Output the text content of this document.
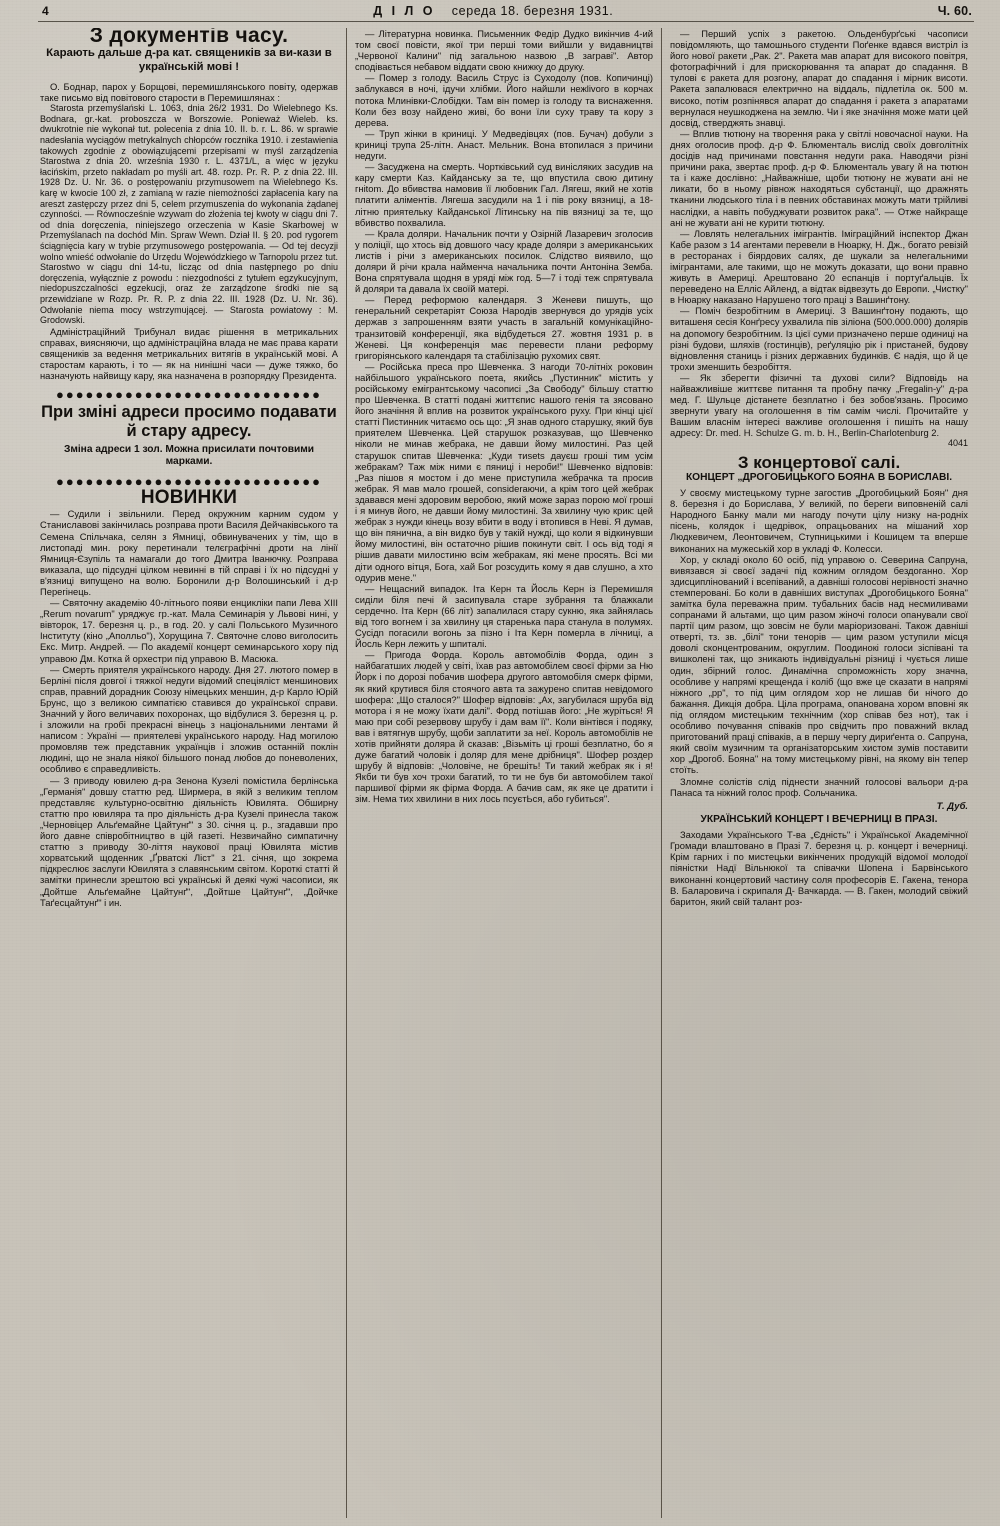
4	Д І Л О середа 18. березня 1931.	Ч. 60.
З документів часу.
Карають дальше д-ра кат. священиків за ви-кази в українській мові !

О. Боднар, парох у Борщові, перемишлянського повіту, одержав таке письмо від повітового старости в Перемишлянах :

Starosta przemyślański L. 1063, dnia 26/2 1931. Do Wielebnego Ks. Bodnara, gr.-kat. proboszcza w Borszowie. Ponieważ Wieleb. ks. dwukrotnie nie wykonał tut. polecenia z dnia 10. II. b. r. L. 86. w sprawie nadesłania wyciągów metrykalnych chłopców rocznika 1910. i zestawienia takowych zgodnie z obowiązującemi przepisami w myśl zarządzenia Starostwa z dnia 20. września 1930 r. L. 4371/L, a więc w języku łacińskim, przeto nakładam po myśli art. 48. rozp. Pr. R. P. z dnia 22. III. 1928 Dz. U. Nr. 36. o postępowaniu przymusowem na Wielebnego Ks. karę w kwocie 100 zł, z zamianą w razie niemożności zapłacenia kary na areszt zastępczy przez dni 5, celem przymuszenia do wykonania żądanej czynności. — Równocześnie wzywam do złożenia tej kwoty w ciągu dni 7. od dnia doręczenia, niniejszego orzeczenia w Kasie Skarbowej w Przemyślanach na dochód Min. Spraw Wewn. Dział II. § 20. pod rygorem ściągnięcia kary w trybie przymusowego postępowania. — Od tej decyzji wolno wnieść odwołanie do Urzędu Wojewódzkiego w Tarnopolu przez tut. Starostwo w ciągu dni 14-tu, licząc od dnia następnego po dniu doręczenia, wyłącznie z powodu : niezgodności z tytułem egzykucyjnym, niedopuszczalności egzekucji, oraz że zarządzone środki nie są przewidziane w Rozp. Pr. R. P. z dnia 22. III. 1928 (Dz. U. Nr. 36). Odwołanie niema mocy wstrzymującej. — Starosta powiatowy : M. Grodowski.

Адміністраційний Трибунал видає рішення в метрикальних справах, виясняючи, що адміністраційна влада не має права карати священиків за ведення метрикальних витягів в українській мові. А старостам карають, і то — як на нинішні часи — дуже тяжко, бо назначують найвищу кару, яка назначена в розпорядку Президента.

●●●●●●●●●●●●●●●●●●●●●●●●●●●
При зміні адреси просимо подавати й стару адресу.
Зміна адреси 1 зол. Можна присилати почтовими марками.
●●●●●●●●●●●●●●●●●●●●●●●●●●●
НОВИНКИ

— Судили і звільнили. Перед окружним карним судом у Станиславові закінчилась розправа проти Василя Дейчаківського та Семена Спільчака, селян з Ямниці, обвинувачених у тім, що в листопаді мин. року перетинали телєграфічні дроти на лінії Ямниця-Єзупіль та намагали до того Дмитра Іванючку. Розправа виказала, що підсудні цілком невинні в тій справі і їх но підсудні у в'язниці випущено на волю. Боронили д-р Волошинський і д-р Перегінець.

— Святочну академію 40-літнього появи енцикліки папи Лева XIII „Rerum novarum" уряджує гр.-кат. Мала Семинарія у Львові нині, у вівторок, 17. березня ц. р., в год. 20. у салі Польського Музичного Інституту (кіно „Аполльо"), Хорущина 7. Святочне слово виголосить Екс. Митр. Андрей. — По академії концерт семинарського хору під управою Дм. Котка й орхестри під управою В. Масюка.

— Смерть приятеля українського народу. Дня 27. лютого помер в Берліні після довгої і тяжкої недуги відомий спеціяліст меншинових справ, правний дорадник Союзу німецьких меншин, д-р Карло Юрій Брунс, що з великою симпатією ставився до української справи. Значний у його величавих похоронах, що відбулися 3. березня ц. р. і зложили на гробі прекрасні вінець з національними лентами й написом : Україні — приятелеві українського народу. Над могилою промовляв теж представник українців і зложив останній поклін людині, що не знала ніякої більшого понад любов до поневолених, особливо є справедливість.

— З приводу ювилею д-ра Зенона Кузелі помістила берлінська „Германія" довшу статтю ред. Ширмера, в якій з великим теплом представляє культурно-освітню діяльність Ювилята. Обширну статтю про ювиляра та про діяльність д-ра Кузелі принесла також „Черновіцер Альґемайне Цайтунґ" з 30. січня ц. р., згадавши про його давне співробітництво в цій газеті. Незвичайно симпатичну статтю з приводу 30-ліття наукової праці Ювилята містив хорватський щоденник „Ґрватскі Ліст" з 21. січня, що зокрема підкреслює заслуги Ювилята з славянським світом. Короткі статті й замітки принесли зрештою всі українські й деякі чужі часописи, як „Дойтше Альґемайне Цайтунґ", „Дойтше Цайтунґ", „Дойчке Таґесцайтунґ" і ин.

— Літературна новинка. Письменник Федір Дудко викінчив 4-ий том своєї повісти, якої три перші томи вийшли у видавництві „Червоної Калини" під загальною назвою „В заграві". Автор сподівається небавом віддати свою книжку до друку.

— Помер з голоду. Василь Струс із Суходолу (пов. Копичинці) заблукався в ночі, ідучи хлібми. Його найшли нежlivого в корчах потока Млинівки-Слобідки. Там він помер із голоду та виснаження. Коли без возу найдено живі, бо вони їли суху траву та кору з дерева.

— Труп жінки в криниці. У Медведівцях (пов. Бучач) добули з криниці трупа 25-літн. Анаст. Мельник. Вона втопилася з причини недуги.

— Засуджена на смерть. Чортківський суд винісляких засудив на кару смерти Каз. Кайданську за те, що впустила свою дитину гніtom. До вбивства намовив її любовник Гал. Лягеш, який не хотів платити аліментів. Лягеша засудили на 1 і пів року вязниці, а 18-літню приятельку Кайданської Літинську на пів вязниці за те, що вбивство похвалила.

— Крала доляри. Начальник почти у Озірній Лазаревич зголосив у поліції, що хтось від довшого часу краде доляри з американських листів і річи з американських посилок. Слідство виявило, що доляри й річи крала найменча начальника почти Антоніна Земба. Вона спрятувала щодня в уряді між год. 5—7 і тоді теж спрятувала й доляри та давала їх своїй матері.

— Перед реформою календаря. З Женеви пишуть, що генеральний секретаріят Союза Народів звернувся до урядів усіх держав з запрошенням взяти участь в загальній комунікаційно-транзитовій конференції, яка відбудеться 27. жовтня 1931 р. в Женеві. Ця конференція має перевести плани реформу григоріянського календаря та стабілізацію рухомих свят.

— Російська преса про Шевченка. З нагоди 70-літніх роковин найбільшого українського поета, якийсь „Пустинник" містить у російському емігрантському часописі „За Свободу" більшу статтю про Шевченка. В статті подані життєпис нашого генія та зясовано його значіння й вплив на розвиток українського руху. При кінці цієї статті Пистинник читаємо ось що: „Я знав одного старушку, який був приятелем Шевченка. Цей старушок розказував, що Шевченко ніколи не минав жебрака, не давши йому милостині. Раз цей старушок спитав Шевченка: „Куди тиsets дауєш гроші тим усім жебракам? Таж між ними є пяниці і нероби!" Шевченко відповів: „Раз пішов я мостом і до мене приступила жебрачка та просив жебрак. Я мав мало грошей, considerаючи, а крім того цей жебрак здавався мені здоровим веробою, який може зараз порою мої гроші і я минув його, не давши йому милостині. За хвилину чую крик: цей жебрак з нужди кінець вoзу вбити в воду і втопився в Неві. Я думав, що він пянична, а він видко був у такій нужді, що коли я відкинувши йому милостині, він остаточно рішив покинути світ. І ось від тоді я рішив давати милостиню всім жебракам, які мене просять. Всі ми діти одного вітця, Бога, хай Бог розсудить кому я дав слушно, а хто одурив мене."

— Нещасний випадок. Іта Керн та Йосль Керн із Перемишля сиділи біля печі й засипувала старе зубрання та блажкали сердечно. Іта Керн (66 літ) запалилася стару сукню, яка зайнялась від того вогнем і за хвилину ця старенька пара станула в полумях. Сусідn погасили вогонь за пізно і Іта Керн померла в лічниці, а Йосль Керн лежить у шпиталі.

— Пригода Форда. Король автомобілів Форда, один з найбагатших людей у світі, їхав раз автомобілем своєї фірми за Ню Йорк і по дорозі побачив шофера другого автомобіля смерк фірми, як який крутився біля стоячого авта та зажурено спитав невідомого шофера: „Що сталося?" Шофер відповів: „Ах, загубилася шруба від мотора і я не можу їхати далі". Форд потішав його: „Не журіться! Я маю при собі резервову шрубу і дам вам її". Коли вінтівся і подяку, вав і вятягнув шрубу, щоби заплатити за неї. Король автомобілів не хотів прийняти доляра й сказав: „Візьміть ці гроші безплатно, бо я дуже багатий чоловік і доляр для мене дрібниця". Шофер роздер шрубу й відповів: „Чоловіче, не брешіть! Ти такий жебрак як і я! Якби ти був хоч трохи багатий, то ти не був би автомобілем такої паршивої фірми як фірма Форда. А бачив сам, як яке це дратити і зім. Нема тих хвилини в них лось псуєтЬся, або губиться".

— Перший успіх з ракетою. Ольденбурґські часописи повідомляють, що тамошнього студенти Поґенке вдався вистріл із його нової ракети „Рак. 2". Ракета мав апарат для високого повітря, фотографічний і для прискорювання та апарат до спадання. В тулові є ракета для розгону, апарат до спадання і мірник висоти. Ракета запалювася електрично на віддаль, підлетіла ок. 500 м. високо, потім розпінявся апарат до спадання і ракета з апаратами вернулася неушкоджена на землю. Чи і яке значіння може мати цей досвід, стверджять знавці.

— Вплив тютюну на творення рака у світлі новочасної науки. На днях оголосив проф. д-р Ф. Блюменталь вислід своїх довголітніх досідів над причинами повстання недуги рака. Наводячи різні причини рака, звертає проф. д-р Ф. Блюменталь увагу й на тютюн та і каже дослівно: „Найважніше, щоби тютюну не жувати ані не ликати, бо в ньому рівнож находяться субстанції, що дражнять тканини людського тіла і в певних обставинах можуть мати трійливі наслідки, а навіть побуджувати розвиток рака". — Отже найкраще ані не жувати ані не курити тютюну.

— Ловлять нелегальних імігрантів. Іміграційний інспектор Джан Кабе разом з 14 агентами перевели в Нюарку, Н. Дж., богато ревізій в ресторанах і біярдових саляx, де шукали за нелегальними імігрантами, але такими, що не можуть доказати, що вони правно живуть в Америці. Арештовано 20 еспанців і портуґальців. Їх переведено на Елліс Айленд, а відтак відвезуть до Европи. „Чистку" в Нюарку наказано Нарушено того праці з Вашинґтону.

— Поміч безробітним в Америці. З Вашинґтону подають, що виташеня сесія Конґресу ухвалила пів зіліона (500.000.000) долярів на допомогу безробітним. Із цієї суми призначено перше одиниці на різні будови, шляхів (гостинців), реґуляцію рік і пристаней, будову відновлення станиць і різних державних будинків. Є надія, що й це трохи зменшить безробіття.

— Як зберегти фізичні та духові сили? Відповідь на найважливіше життєве питання та пробну пачку „Fregalin-y" д-ра мед. Г. Шульце дістанете безплатно і без зобов'язань. Просимо звернути увагу на оголошення в тім самім числі. Прочитайте у Вашим власнім інтересі важливе оголошення і пишіть на нашу адресу: Dr. med. H. Schulze G. m. b. H., Berlin-Charlotenburg 2.

4041

З концертової салі.
КОНЦЕРТ „ДРОГОБИЦЬКОГО БОЯНА В БОРИСЛАВІ.

У своєму мистецькому турне загостив „Дрогобицький Боян" дня 8. березня і до Борислава, У великій, по береги виповненій салі Народного Банку мали ми нагоду почути цілу низку на-родніх пісень, колядок і щедрівок, опрацьованих на мішаний хор Людкевичем, Леонтовичем, Ступницькими і Кошицем та вперше виконаних на мужеській хор в укладі Ф. Колесси.

Хор, у складі около 60 осіб, під управою о. Северина Сапруна, вивязався зі своєї задачі під кожним оглядом бездоганно. Хор здисциплінований і всепіваний, а давніші голосові нерівності значно стемперовані. Бо коли в давніших виступах „Дрогобицького Бояна" замітка була переважна прим. тубальних басів над несмиливами сопранами й альтами, що цим разом жіночі голоси опанували свої партії цим разом, що зовсім не були маріоризовані. Також давніші отверті, тз. зв. „білі" тони тенорів — цим разом уступили місця доволі сконцентрованим, округлим. Поодинокі голоси зіспівані та вишколені так, що зникають індивідуальні різниці і чується лише один, збірний голос. Динамічна спроможність хору значна, особливе у напрямі крещенда і коліб (що вже це сказати в напрямі ніжного „pp", то під цим оглядом хор не лишав би нічого до бажання. Дикція добра. Ціла програма, опанована хором вповні як під оглядом мистецьким технічним (хор співав без нот), так і особливо почування співаків про свідчить про поважний вклад приготований праці співаків, а в першу чергу дириґента о. Сапруна, який своїм музичним та організаторським хистом зумів поставити хор „Дрогоб. Бояна" на тому мистецькому рівні, на якому він тепер стоїть.

Зломне солістів слід піднести значний голосові вальори д-ра Панаса та ніжний голос проф. Сольчаника.

Т. Дуб.
УКРАЇНСЬКИЙ КОНЦЕРТ І ВЕЧЕРНИЦІ В ПРАЗІ.

Заходами Українського Т-ва „Єдність" і Української Академічної Громади влаштовано в Празі 7. березня ц. р. концерт і вечерниці. Крім гарних і по мистецьки викінчених продукцій відомої молодої піяністки Надї Вільнюкої та співачки Шопена і Барвінського виконанні концертовий частину соля професорів Е. Гакена, тенора В. Баларовича і скрипаля Д- Вачкарда. — В. Гакен, молодий свіжий баритон, який свій талант роз-
